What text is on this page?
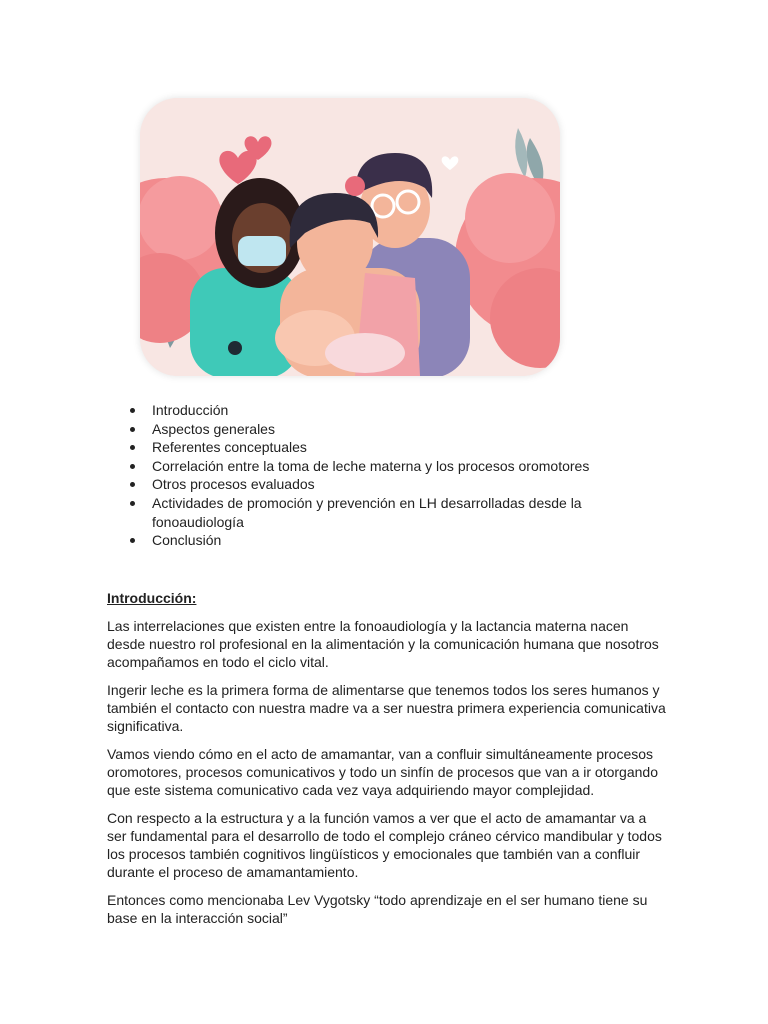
Introducción
Aspectos generales
Referentes conceptuales
Correlación entre la toma de leche materna y los procesos oromotores
Otros procesos evaluados
Actividades de promoción y prevención en LH desarrolladas desde la fonoaudiología
Conclusión
Introducción:

Las interrelaciones que existen entre la fonoaudiología y la lactancia materna nacen desde nuestro rol profesional en la alimentación y la comunicación humana que nosotros acompañamos en todo el ciclo vital.

Ingerir leche es la primera forma de alimentarse que tenemos todos los seres humanos y también el contacto con nuestra madre va a ser nuestra primera experiencia comunicativa significativa.

Vamos viendo cómo en el acto de amamantar, van a confluir simultáneamente procesos oromotores, procesos comunicativos y todo un sinfín de procesos que van a ir otorgando que este sistema comunicativo cada vez vaya adquiriendo mayor complejidad.

Con respecto a la estructura y a la función vamos a ver que el acto de amamantar va a ser fundamental para el desarrollo de todo el complejo cráneo cérvico mandibular y todos los procesos también cognitivos lingüísticos y emocionales que también van a confluir durante el proceso de amamantamiento.

Entonces como mencionaba Lev Vygotsky “todo aprendizaje en el ser humano tiene su base en la interacción social”
